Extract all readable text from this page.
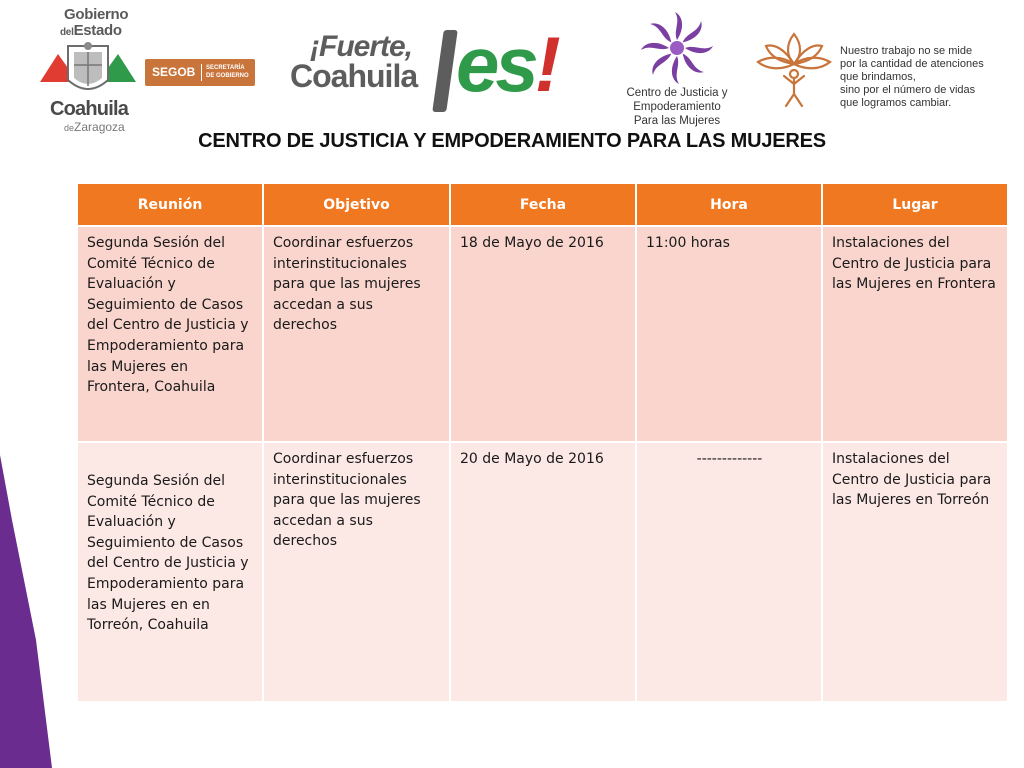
Gobierno
delEstado
Coahuila
deZaragoza
SEGOB SECRETARÍA
DE GOBIERNO
¡Fuerte,
Coahuila es!	Centro de Justicia y
Empoderamiento
Para las Mujeres
Nuestro trabajo no se mide
por la cantidad de atenciones
que brindamos,
sino por el número de vidas
que logramos cambiar.
CENTRO DE JUSTICIA Y EMPODERAMIENTO PARA LAS MUJERES
Reunión	Objetivo	Fecha	Hora	Lugar
Segunda Sesión del Comité Técnico de Evaluación y Seguimiento de Casos del Centro de Justicia y Empoderamiento para las Mujeres en Frontera, Coahuila	Coordinar esfuerzos interinstitucionales para que las mujeres accedan a sus derechos	18 de Mayo de 2016	11:00 horas	Instalaciones del Centro de Justicia para las Mujeres en Frontera
Segunda Sesión del Comité Técnico de Evaluación y Seguimiento de Casos del Centro de Justicia y Empoderamiento para las Mujeres en en Torreón, Coahuila	Coordinar esfuerzos interinstitucionales para que las mujeres accedan a sus derechos	20 de Mayo de 2016	-------------	Instalaciones del Centro de Justicia para las Mujeres en Torreón
